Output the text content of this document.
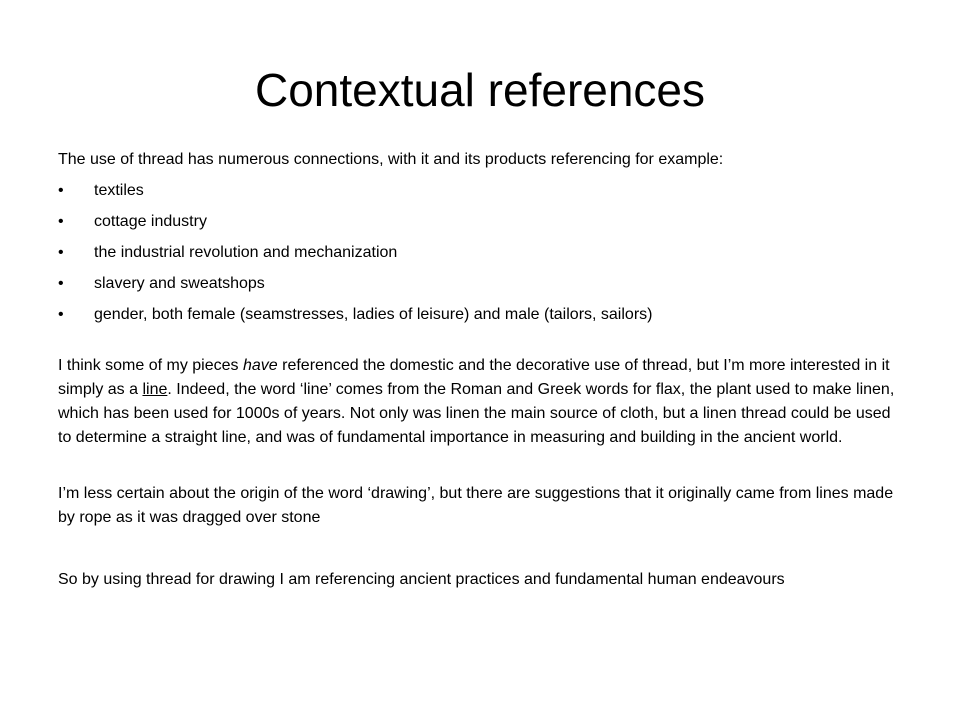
Contextual references

The use of thread has numerous connections, with it and its products referencing for example:

• textiles
• cottage industry
• the industrial revolution and mechanization
• slavery and sweatshops
• gender, both female (seamstresses, ladies of leisure) and male (tailors, sailors)

I think some of my pieces have referenced the domestic and the decorative use of thread, but I’m more interested in it simply as a line. Indeed, the word ‘line’ comes from the Roman and Greek words for flax, the plant used to make linen, which has been used for 1000s of years. Not only was linen the main source of cloth, but a linen thread could be used to determine a straight line, and was of fundamental importance in measuring and building in the ancient world.

I’m less certain about the origin of the word ‘drawing’, but there are suggestions that it originally came from lines made by rope as it was dragged over stone

So by using thread for drawing I am referencing ancient practices and fundamental human endeavours
